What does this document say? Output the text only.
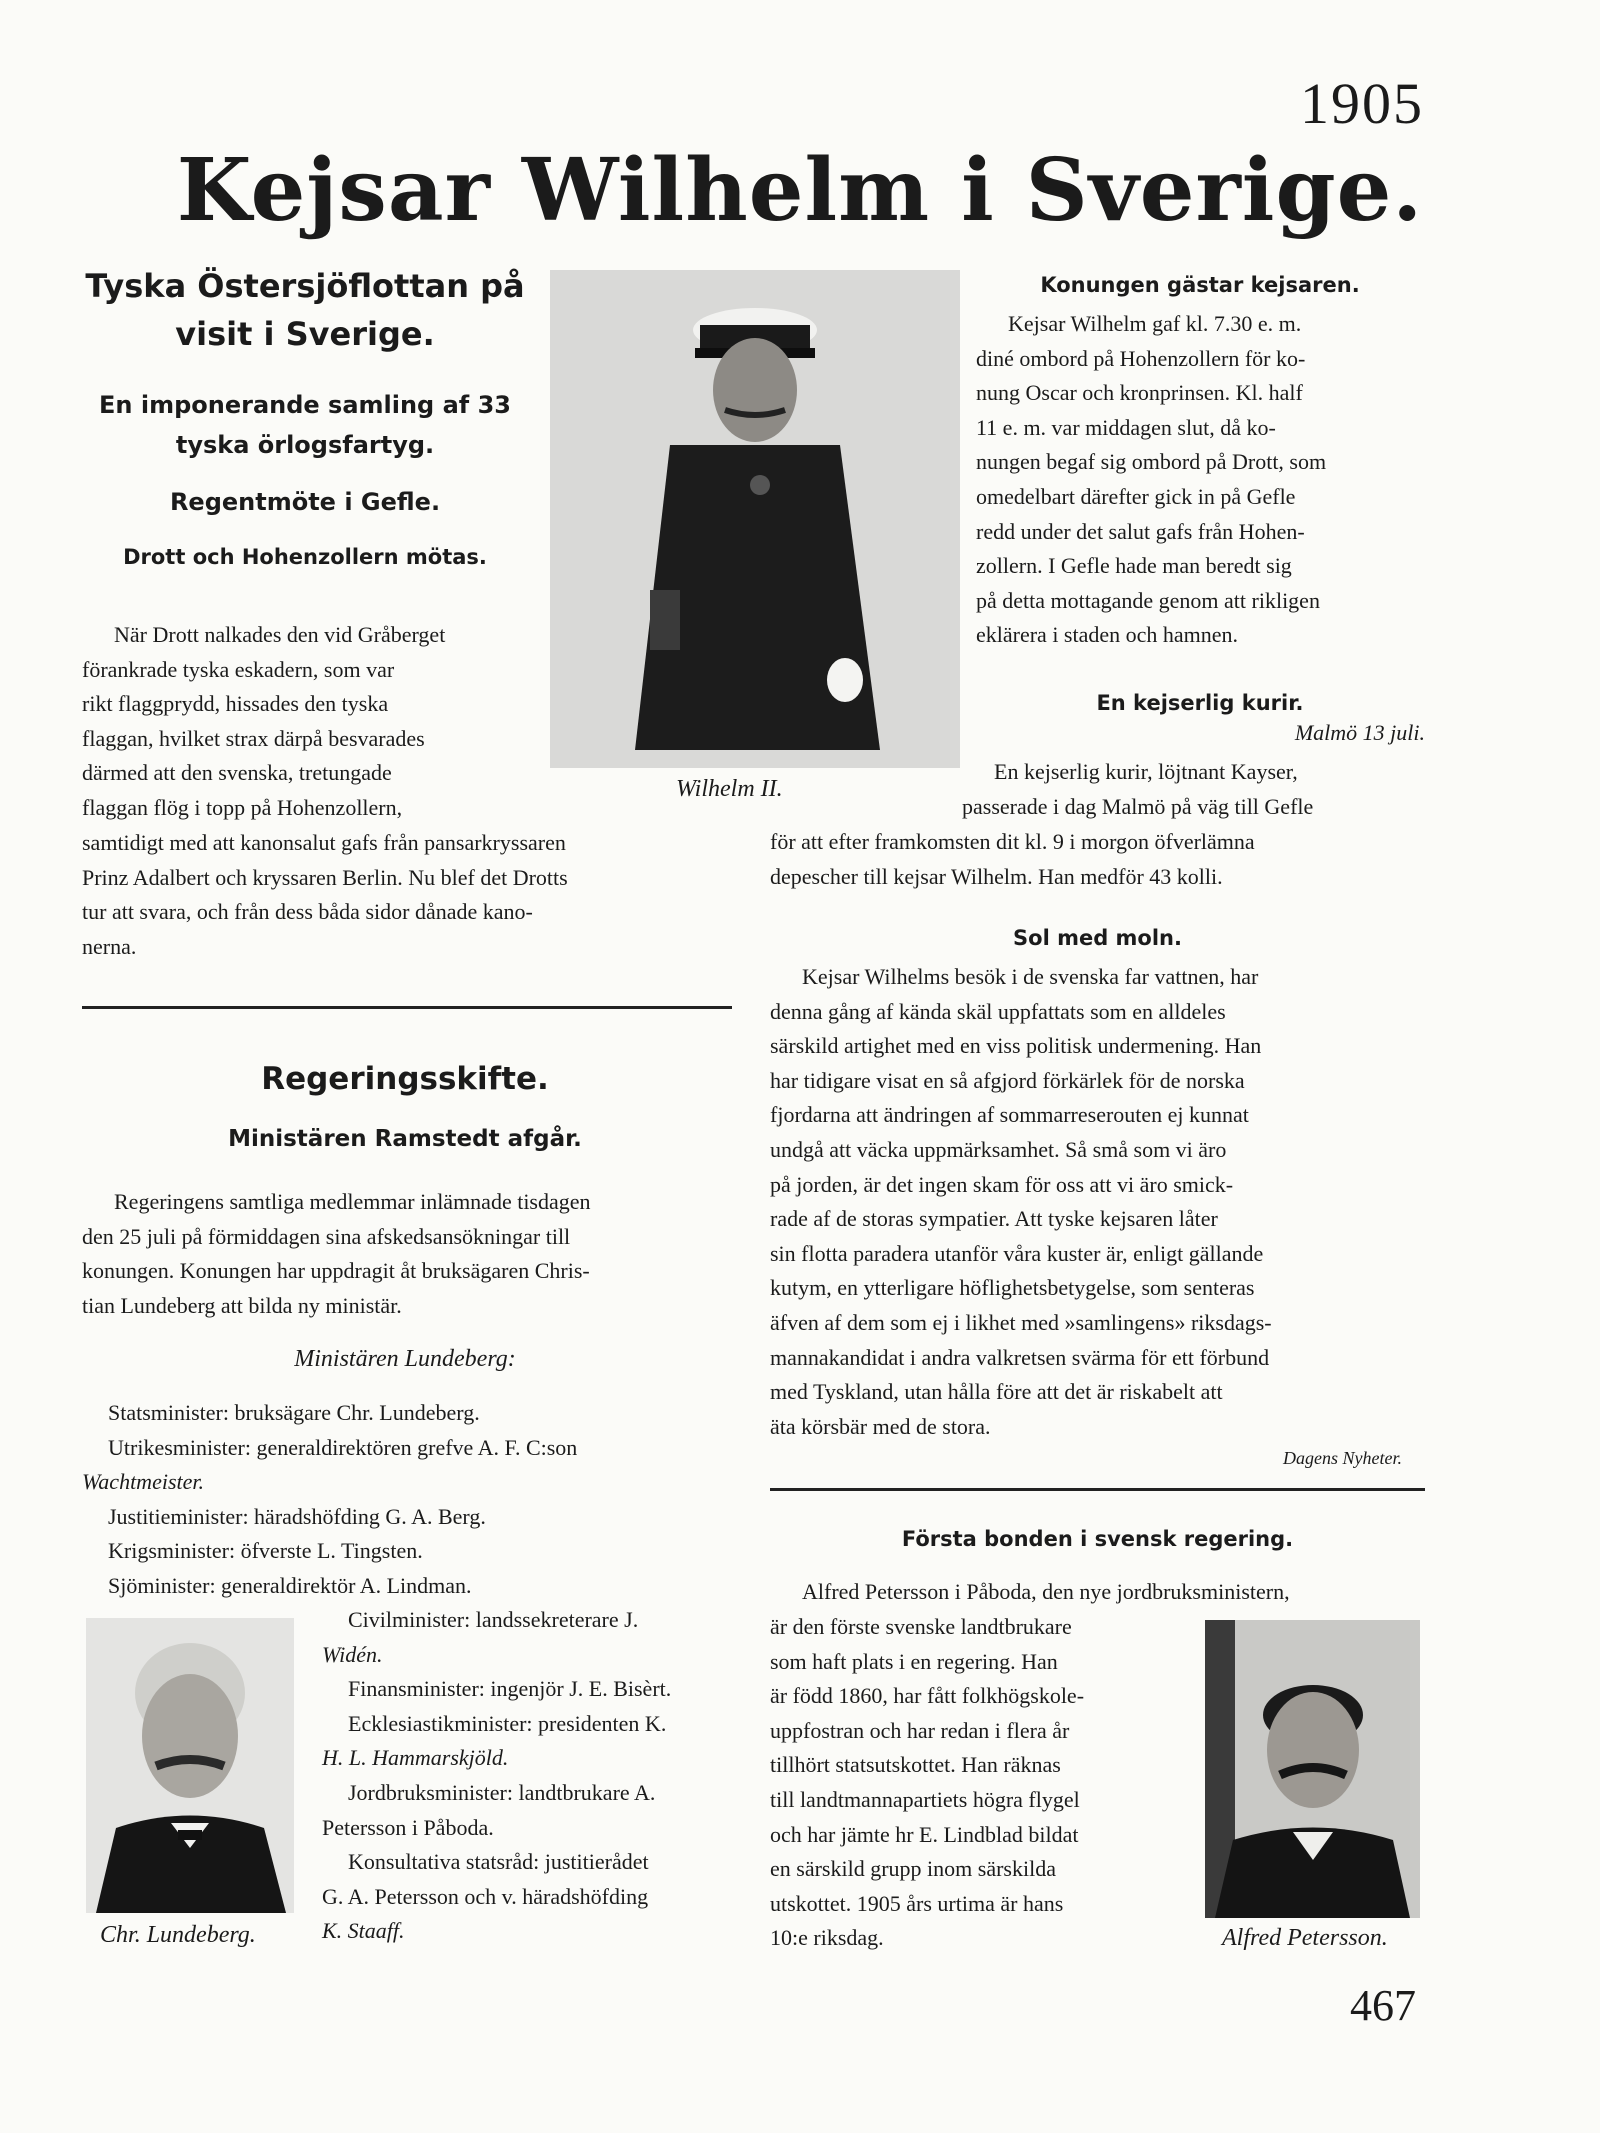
1905
Kejsar Wilhelm i Sverige.
Tyska Östersjöflottan på
visit i Sverige.
En imponerande samling af 33
tyska örlogsfartyg.
Regentmöte i Gefle.
Drott och Hohenzollern mötas.

När Drott nalkades den vid Gråberget

förankrade tyska eskadern, som var
rikt flaggprydd, hissades den tyska
flaggan, hvilket strax därpå besvarades
därmed att den svenska, tretungade
flaggan flög i topp på Hohenzollern,
samtidigt med att kanonsalut gafs från pansarkryssaren
Prinz Adalbert och kryssaren Berlin. Nu blef det Drotts
tur att svara, och från dess båda sidor dånade kano-
nerna.
Wilhelm II.
Konungen gästar kejsaren.

Kejsar Wilhelm gaf kl. 7.30 e. m.

diné ombord på Hohenzollern för ko-
nung Oscar och kronprinsen. Kl. half
11 e. m. var middagen slut, då ko-
nungen begaf sig ombord på Drott, som
omedelbart därefter gick in på Gefle
redd under det salut gafs från Hohen-
zollern. I Gefle hade man beredt sig
på detta mottagande genom att rikligen
eklärera i staden och hamnen.
En kejserlig kurir.
Malmö 13 juli.

En kejserlig kurir, löjtnant Kayser,

passerade i dag Malmö på väg till Gefle
för att efter framkomsten dit kl. 9 i morgon öfverlämna
depescher till kejsar Wilhelm. Han medför 43 kolli.
Sol med moln.

Kejsar Wilhelms besök i de svenska far vattnen, har

denna gång af kända skäl uppfattats som en alldeles
särskild artighet med en viss politisk undermening. Han
har tidigare visat en så afgjord förkärlek för de norska
fjordarna att ändringen af sommarreserouten ej kunnat
undgå att väcka uppmärksamhet. Så små som vi äro
på jorden, är det ingen skam för oss att vi äro smick-
rade af de storas sympatier. Att tyske kejsaren låter
sin flotta paradera utanför våra kuster är, enligt gällande
kutym, en ytterligare höflighetsbetygelse, som senteras
äfven af dem som ej i likhet med »samlingens» riksdags-
mannakandidat i andra valkretsen svärma för ett förbund
med Tyskland, utan hålla före att det är riskabelt att
äta körsbär med de stora.
Dagens Nyheter.
Regeringsskifte.
Ministären Ramstedt afgår.

Regeringens samtliga medlemmar inlämnade tisdagen

den 25 juli på förmiddagen sina afskedsansökningar till
konungen. Konungen har uppdragit åt bruksägaren Chris-
tian Lundeberg att bilda ny ministär.
Ministären Lundeberg:
Statsminister: bruksägare Chr. Lundeberg.
Utrikesminister: generaldirektören grefve A. F. C:son
Wachtmeister.
Justitieminister: häradshöfding G. A. Berg.
Krigsminister: öfverste L. Tingsten.
Sjöminister: generaldirektör A. Lindman.
Civilminister: landssekreterare J.
Widén.
Finansminister: ingenjör J. E. Bisèrt.
Ecklesiastikminister: presidenten K.
H. L. Hammarskjöld.
Jordbruksminister: landtbrukare A.
Petersson i Påboda.
Konsultativa statsråd: justitierådet
G. A. Petersson och v. häradshöfding
K. Staaff.
Chr. Lundeberg.
Första bonden i svensk regering.

Alfred Petersson i Påboda, den nye jordbruksministern,

är den förste svenske landtbrukare
som haft plats i en regering. Han
är född 1860, har fått folkhögskole-
uppfostran och har redan i flera år
tillhört statsutskottet. Han räknas
till landtmannapartiets högra flygel
och har jämte hr E. Lindblad bildat
en särskild grupp inom särskilda
utskottet. 1905 års urtima är hans
10:e riksdag.	Alfred Petersson.
467
